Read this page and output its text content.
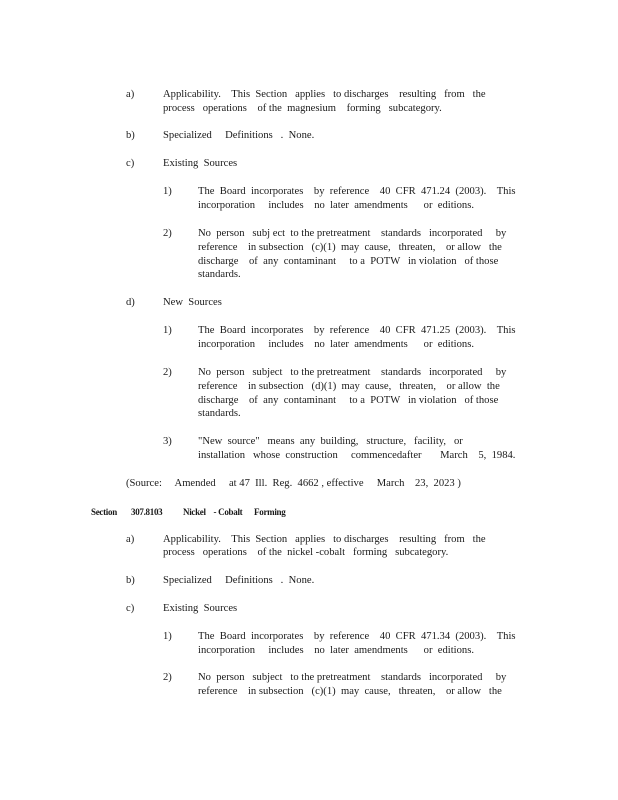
a)	Applicability.    This  Section   applies   to discharges    resulting   from   the
process   operations    of the  magnesium    forming   subcategory.
b)	Specialized     Definitions   .  None.
c)	Existing  Sources
1) The  Board  incorporates    by  reference    40  CFR  471.24  (2003).    This
incorporation     includes    no  later  amendments      or  editions.
2) No  person   subj ect  to the pretreatment    standards   incorporated     by
reference    in subsection   (c)(1)  may  cause,   threaten,    or allow   the
discharge    of  any  contaminant     to a  POTW   in violation   of those
standards.
d)	New  Sources
1) The  Board  incorporates    by  reference    40  CFR  471.25  (2003).    This
incorporation     includes    no  later  amendments      or  editions.
2) No  person   subject   to the pretreatment    standards   incorporated     by
reference    in subsection   (d)(1)  may  cause,   threaten,    or allow  the
discharge    of  any  contaminant     to a  POTW   in violation   of those
standards.
3) "New  source"   means  any  building,   structure,   facility,   or
installation   whose  construction     commencedafter       March    5,  1984.
(Source:     Amended     at 47  Ill.  Reg.  4662 , effective     March    23,  2023 )
Section 307.8103 Nickel    - Cobalt      Forming
a)	Applicability.    This  Section   applies   to discharges    resulting   from   the
process   operations    of the  nickel -cobalt   forming   subcategory.
b)	Specialized     Definitions   .  None.
c)	Existing  Sources
1) The  Board  incorporates    by  reference    40  CFR  471.34  (2003).    This
incorporation     includes    no  later  amendments      or  editions.
2) No  person   subject   to the pretreatment    standards   incorporated     by
reference    in subsection   (c)(1)  may  cause,   threaten,    or allow   the
